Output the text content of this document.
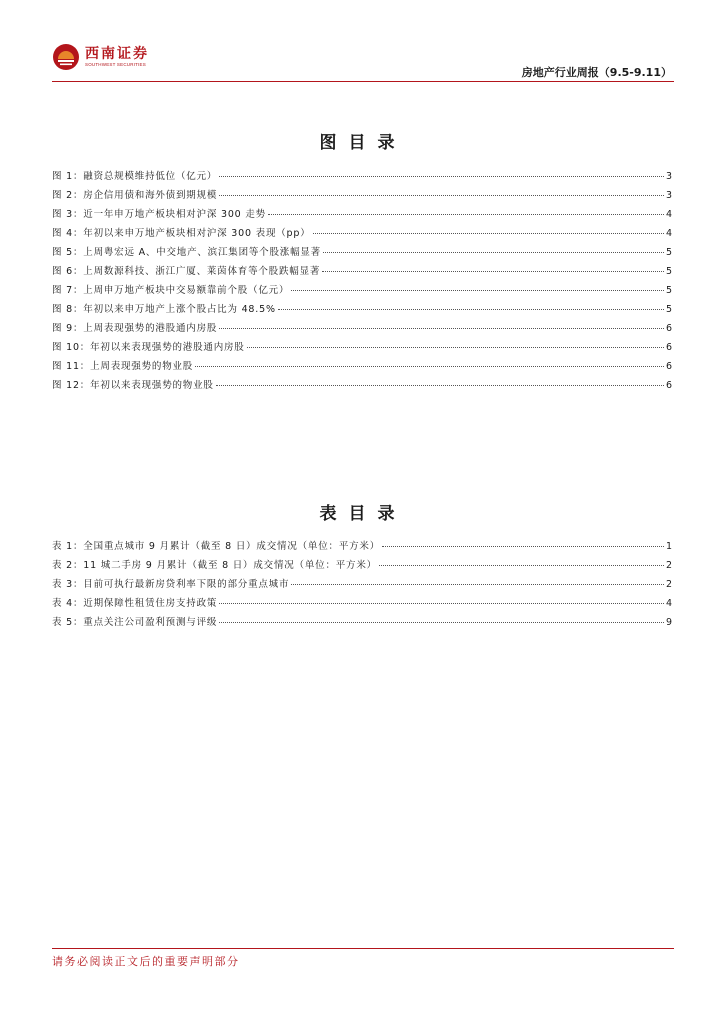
西南证券
SOUTHWEST SECURITIES
房地产行业周报（9.5-9.11）
图目录
图 1： 融资总规模维持低位（亿元）	3
图 2： 房企信用债和海外债到期规模	3
图 3： 近一年申万地产板块相对沪深 300 走势	4
图 4： 年初以来申万地产板块相对沪深 300 表现（pp）	4
图 5： 上周粤宏远 A、中交地产、滨江集团等个股涨幅显著	5
图 6： 上周数源科技、浙江广厦、莱茵体育等个股跌幅显著	5
图 7： 上周申万地产板块中交易额靠前个股（亿元）	5
图 8： 年初以来申万地产上涨个股占比为 48.5%	5
图 9： 上周表现强势的港股通内房股	6
图 10： 年初以来表现强势的港股通内房股	6
图 11： 上周表现强势的物业股	6
图 12： 年初以来表现强势的物业股	6
表目录
表 1： 全国重点城市 9 月累计（截至 8 日）成交情况（单位：平方米）	1
表 2： 11 城二手房 9 月累计（截至 8 日）成交情况（单位：平方米）	2
表 3： 目前可执行最新房贷利率下限的部分重点城市	2
表 4： 近期保障性租赁住房支持政策	4
表 5： 重点关注公司盈利预测与评级	9
请务必阅读正文后的重要声明部分
